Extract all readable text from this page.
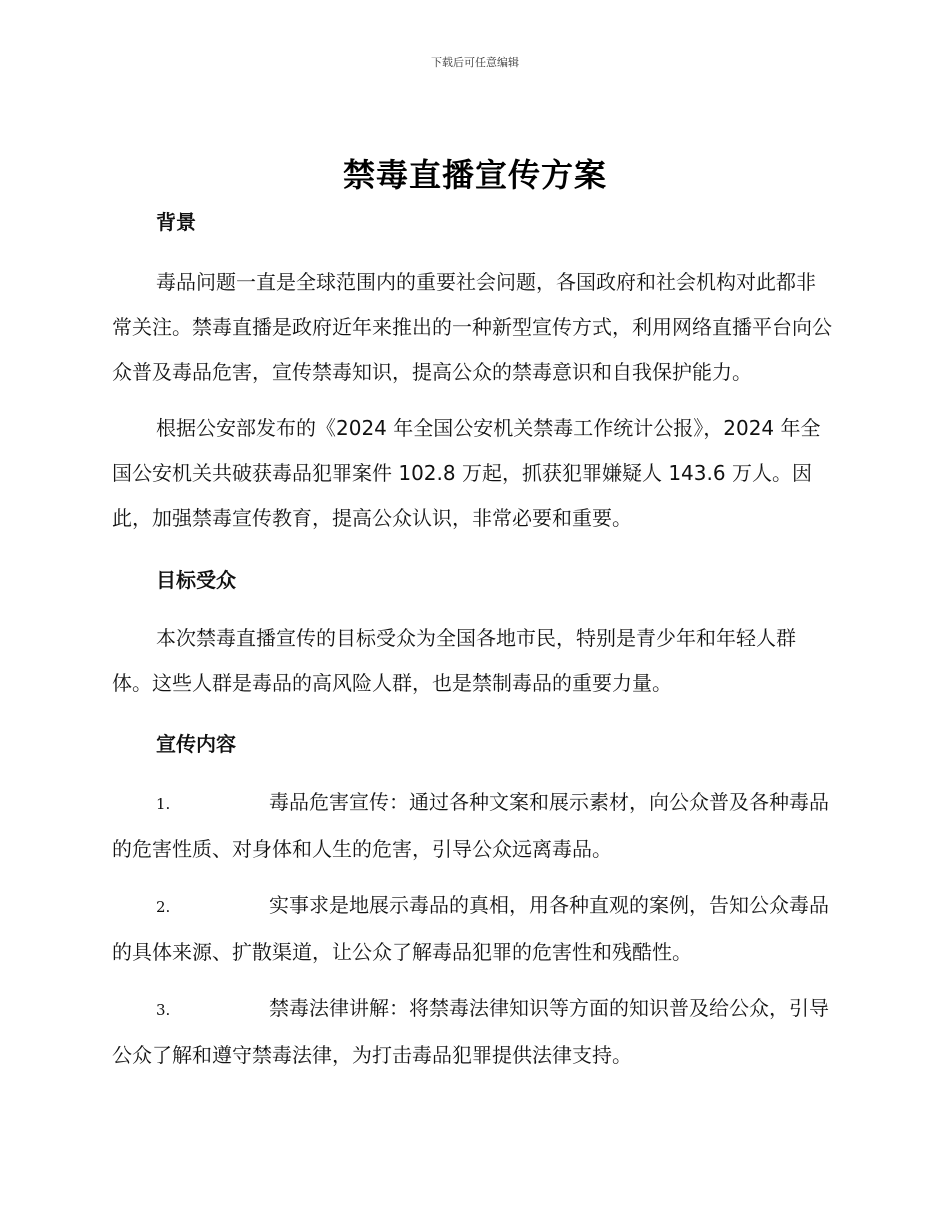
下载后可任意编辑
禁毒直播宣传方案

背景

毒品问题一直是全球范围内的重要社会问题，各国政府和社会机构对此都非常关注。禁毒直播是政府近年来推出的一种新型宣传方式，利用网络直播平台向公众普及毒品危害，宣传禁毒知识，提高公众的禁毒意识和自我保护能力。

根据公安部发布的《2024 年全国公安机关禁毒工作统计公报》，2024 年全国公安机关共破获毒品犯罪案件 102.8 万起，抓获犯罪嫌疑人 143.6 万人。因此，加强禁毒宣传教育，提高公众认识，非常必要和重要。

目标受众

本次禁毒直播宣传的目标受众为全国各地市民，特别是青少年和年轻人群体。这些人群是毒品的高风险人群，也是禁制毒品的重要力量。

宣传内容

1.	毒品危害宣传：通过各种文案和展示素材，向公众普及各种毒品的危害性质、对身体和人生的危害，引导公众远离毒品。

2.	实事求是地展示毒品的真相，用各种直观的案例，告知公众毒品的具体来源、扩散渠道，让公众了解毒品犯罪的危害性和残酷性。

3.	禁毒法律讲解：将禁毒法律知识等方面的知识普及给公众，引导公众了解和遵守禁毒法律，为打击毒品犯罪提供法律支持。
